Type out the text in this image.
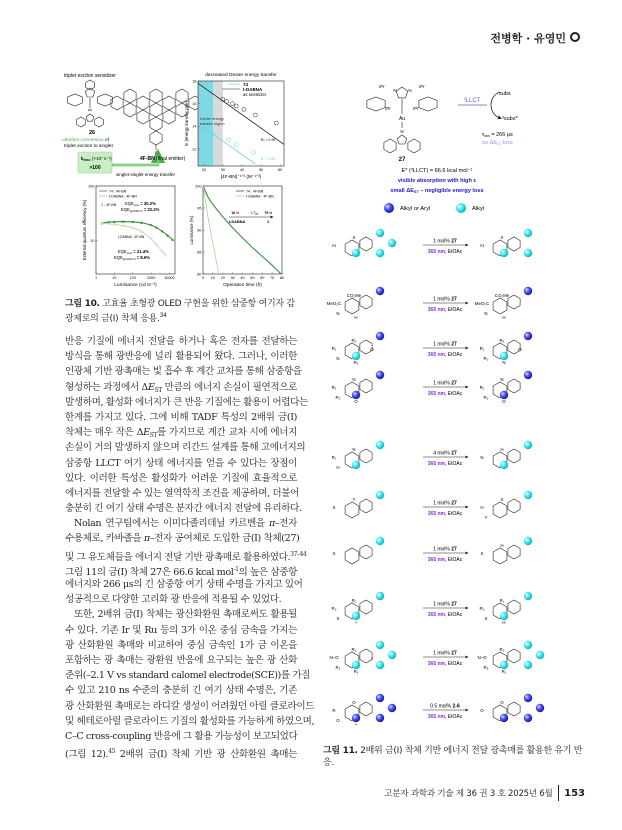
전병학 · 유영민
triplet exciton sensitizer
Au
26
ultrafast conversion of
triplet exciton to singlet
$k_{RISC}$ (×10⁷ s⁻¹)
>100
singlet-singlet energy transfer
F
4F-BN (final emitter)
decreased Dexter energy transfer
20	30	40	50	60
12
14
16
18
[4F-BN]⁻¹ᐟ³ (M⁻¹ᐟ³)
ln (energy transfer rate)	Dexter energy
transfer region
74
t-DABNA
as sensitizer
R² = 0.99
R² = 0.99
1	10	100	1000 10000
10
100
Luminance (cd m⁻²)
External quantum efficiency (%)
74 : 4F-BN
t-DABNA : 4F-BN
1 : 4F-BN $EQE_{max} = 30.2\%$
$EQE_{@1000 nit} = 22.2\%$
t-DABNA : 4F-BN
$EQE_{max} = 21.4\%$
$EQE_{@1000 nit} = 8.6\%$
0 10 20 30 40 50 60 70 80
80
85
90
95
100
Operation time (h)
Luminance (%)
74 : 4F-BN
t-DABNA : 4F-BN
16 h	$LT_{95}$ 79 h
t-DABNA	1
그림 10. 고효율 초형광 OLED 구현을 위한 삼중항 여기자 감광제로의 금(I) 착체 응용.$^{34}$
반응 기질에 에너지 전달을 하거나 혹은 전자를 전달하는
방식을 통해 광반응에 널리 활용되어 왔다. 그러나, 이러한
인광체 기반 광촉매는 빛 흡수 후 계간 교차를 통해 삼중항을
형성하는 과정에서 $\Delta E_{ST}$ 만큼의 에너지 손실이 필연적으로
발생하며, 활성화 에너지가 큰 반응 기질에는 활용이 어렵다는
한계를 가지고 있다. 그에 비해 TADF 특성의 2배위 금(I)
착체는 매우 작은 $\Delta E_{ST}$를 가지므로 계간 교차 시에 에너지
손실이 거의 발생하지 않으며 리간드 설계를 통해 고에너지의
삼중항 LLCT 여기 상태 에너지를 얻을 수 있다는 장점이
있다. 이러한 특성은 활성화가 어려운 기질에 효율적으로
에너지를 전달할 수 있는 열역학적 조건을 제공하며, 더불어
충분히 긴 여기 상태 수명은 분자간 에너지 전달에 유리하다.
Nolan 연구팀에서는 이미다졸리데닐 카르벤을 π–전자
수용체로, 카바졸을 π–전자 공여체로 도입한 금(I) 착체(27)
및 그 유도체들을 에너지 전달 기반 광촉매로 활용하였다.$^{37-44}$
그림 11의 금(I) 착체 27은 66.6 kcal mol$^{-1}$의 높은 삼중항
에너지와 266 μs의 긴 삼중항 여기 상태 수명을 가지고 있어
성공적으로 다양한 고리화 광 반응에 적용될 수 있었다.
또한, 2배위 금(I) 착체는 광산화환원 촉매로써도 활용될
수 있다. 기존 Ir 및 Ru 등의 3가 이온 중심 금속을 가지는
광 산화환원 촉매와 비교하여 중심 금속인 1가 금 이온을
포함하는 광 촉매는 광환원 반응에 요구되는 높은 광 산화
준위(–2.1 V vs standard calomel electrode(SCE))를 가질
수 있고 210 ns 수준의 충분히 긴 여기 상태 수명은, 기존
광 산화환원 촉매로는 라디칼 생성이 어려웠던 아릴 클로라이드
및 헤테로아릴 클로라이드 기질의 활성화를 가능하게 하였으며,
C–C cross-coupling 반응에 그 활용 가능성이 보고되었다
(그림 12).$^{45}$ 2배위 금(I) 착체 기반 광 산화환원 촉매는
N	N
iPr	iPr
iPr	iPr
Au
N
27
³LLCT
subs
³subs*
τobs = 266 μs
no ΔEST loss
E* (³LLCT) = 66.6 kcal mol⁻¹
visible absorption with high ε
small ΔEST – negligible energy loss
Alkyl or Aryl	Alkyl
1 mol% 27
365 nm, EtOAc
Ar
X
Ar
X
1 mol% 27
365 nm, EtOAc
MeO₂C
CO₂Me
N
H
MeO₂C
CO₂Me
N
H
1 mol% 27
365 nm, EtOAc
R₁
R₂
N
R₃
O	R₁
R₃
R₂
N
O
1 mol% 27
365 nm, EtOAc
R₁
N
R₂
O
R₁
N
R₂
O
4 mol% 27
365 nm, EtOAc
R₁
N
H
N
H
1 mol% 27
365 nm, EtOAc
S
Y
H
S
Y
1 mol% 27
365 nm, EtOAc
S	S
H
1 mol% 27
365 nm, EtOAc
R₂
R₁
S
+
R₂
R₁
S
H
1 mol% 27
365 nm, EtOAc
N–O
R₂
R₃
R₁
+	N–O
R₂
R₃
R₁
0.5 mol% 2-6
365 nm, EtOAc
R
O
O
+
O
O
그림 11. 2배위 금(I) 착체 기반 에너지 전달 광촉매를 활용한 유기 반응.
고분자 과학과 기술 제 36 권 3 호 2025년 6월 153
